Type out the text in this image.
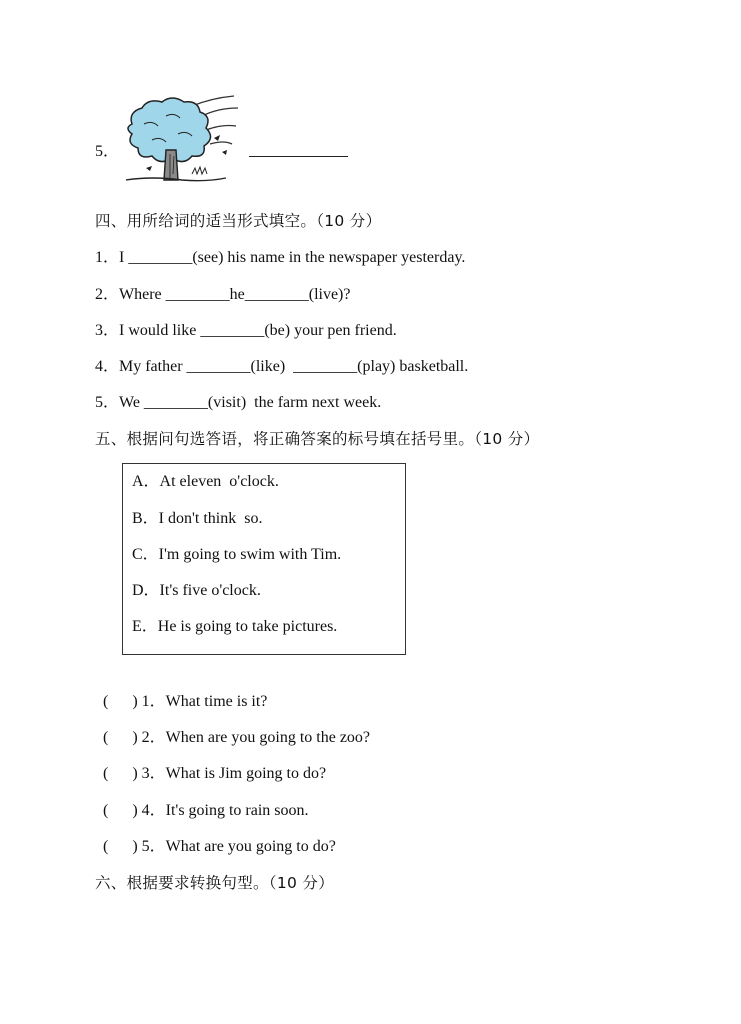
5．
四、用所给词的适当形式填空。（10 分）
1．I ________(see) his name in the newspaper yesterday.
2．Where ________he________(live)?
3．I would like ________(be) your pen friend.
4．My father ________(like)  ________(play) basketball.
5．We ________(visit)  the farm next week.
五、根据问句选答语，将正确答案的标号填在括号里。（10 分）
A．At eleven  o'clock.
B．I don't think  so.
C．I'm going to swim with Tim.
D．It's five o'clock.
E．He is going to take pictures.
(      ) 1．What time is it?
(      ) 2．When are you going to the zoo?
(      ) 3．What is Jim going to do?
(      ) 4．It's going to rain soon.
(      ) 5．What are you going to do?
六、根据要求转换句型。（10 分）
